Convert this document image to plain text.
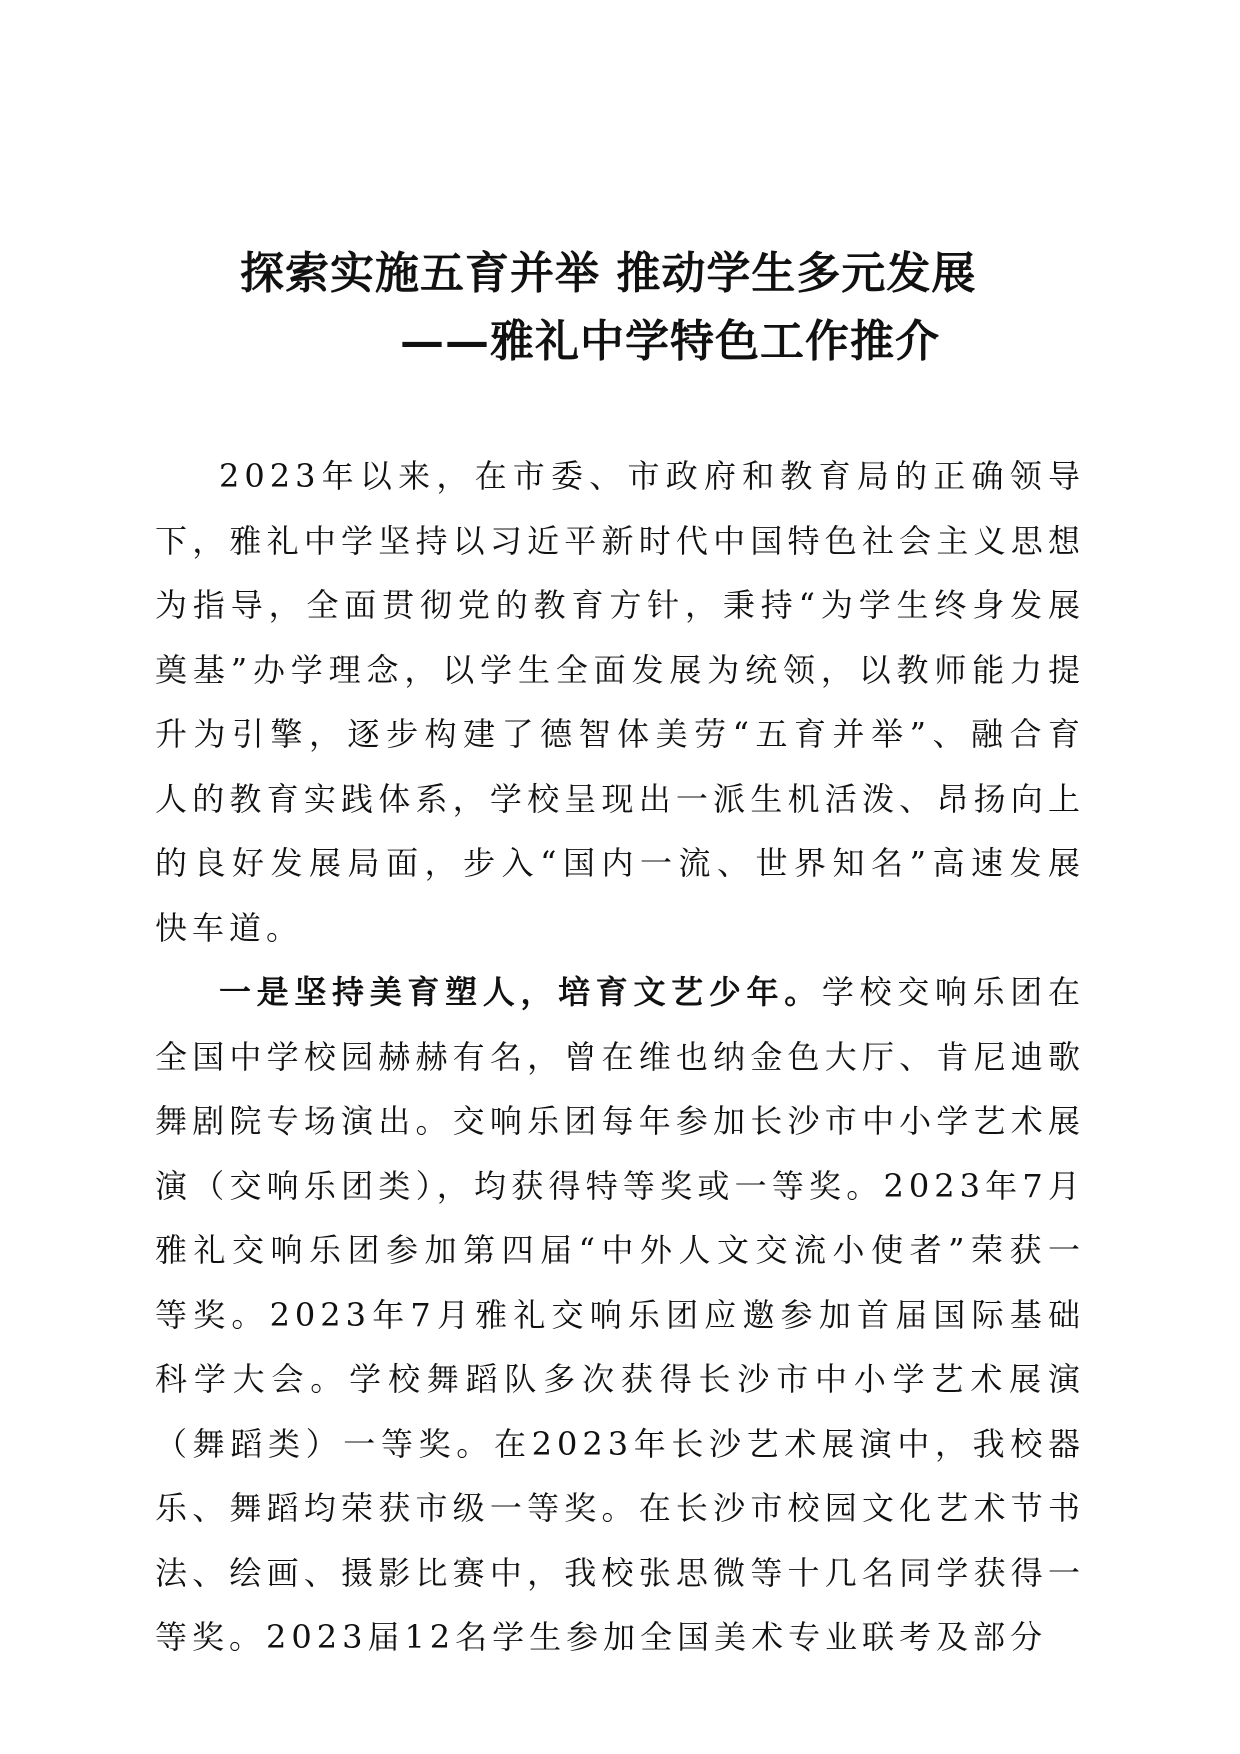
探索实施五育并举 推动学生多元发展
——雅礼中学特色工作推介

2023年以来，在市委、市政府和教育局的正确领导下，雅礼中学坚持以习近平新时代中国特色社会主义思想为指导，全面贯彻党的教育方针，秉持“为学生终身发展奠基”办学理念，以学生全面发展为统领，以教师能力提升为引擎，逐步构建了德智体美劳“五育并举”、融合育人的教育实践体系，学校呈现出一派生机活泼、昂扬向上的良好发展局面，步入“国内一流、世界知名”高速发展快车道。

一是坚持美育塑人，培育文艺少年。学校交响乐团在全国中学校园赫赫有名，曾在维也纳金色大厅、肯尼迪歌舞剧院专场演出。交响乐团每年参加长沙市中小学艺术展演（交响乐团类），均获得特等奖或一等奖。2023年7月雅礼交响乐团参加第四届“中外人文交流小使者”荣获一等奖。2023年7月雅礼交响乐团应邀参加首届国际基础科学大会。学校舞蹈队多次获得长沙市中小学艺术展演（舞蹈类）一等奖。在2023年长沙艺术展演中，我校器乐、舞蹈均荣获市级一等奖。在长沙市校园文化艺术节书法、绘画、摄影比赛中，我校张思微等十几名同学获得一等奖。2023届12名学生参加全国美术专业联考及部分
